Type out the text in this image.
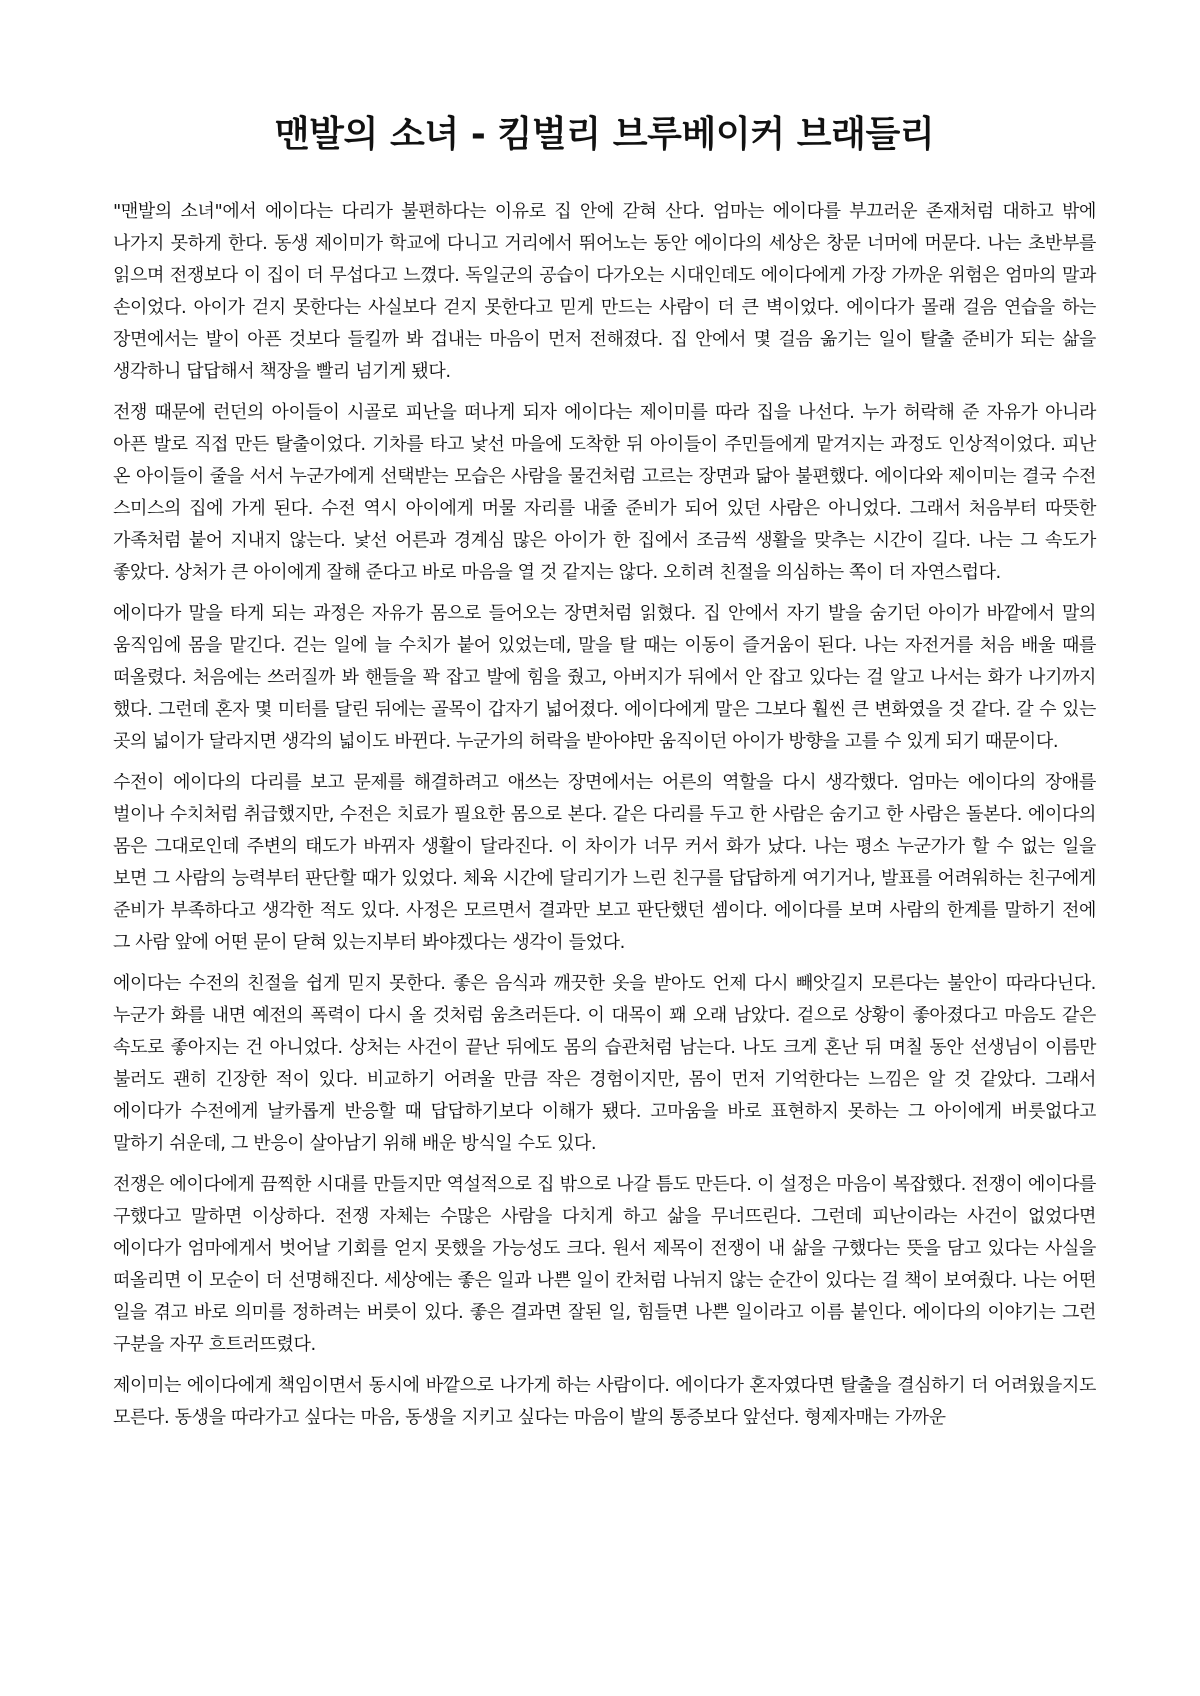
맨발의 소녀 - 킴벌리 브루베이커 브래들리

"맨발의 소녀"에서 에이다는 다리가 불편하다는 이유로 집 안에 갇혀 산다. 엄마는 에이다를 부끄러운 존재처럼 대하고 밖에 나가지 못하게 한다. 동생 제이미가 학교에 다니고 거리에서 뛰어노는 동안 에이다의 세상은 창문 너머에 머문다. 나는 초반부를 읽으며 전쟁보다 이 집이 더 무섭다고 느꼈다. 독일군의 공습이 다가오는 시대인데도 에이다에게 가장 가까운 위험은 엄마의 말과 손이었다. 아이가 걷지 못한다는 사실보다 걷지 못한다고 믿게 만드는 사람이 더 큰 벽이었다. 에이다가 몰래 걸음 연습을 하는 장면에서는 발이 아픈 것보다 들킬까 봐 겁내는 마음이 먼저 전해졌다. 집 안에서 몇 걸음 옮기는 일이 탈출 준비가 되는 삶을 생각하니 답답해서 책장을 빨리 넘기게 됐다.

전쟁 때문에 런던의 아이들이 시골로 피난을 떠나게 되자 에이다는 제이미를 따라 집을 나선다. 누가 허락해 준 자유가 아니라 아픈 발로 직접 만든 탈출이었다. 기차를 타고 낯선 마을에 도착한 뒤 아이들이 주민들에게 맡겨지는 과정도 인상적이었다. 피난 온 아이들이 줄을 서서 누군가에게 선택받는 모습은 사람을 물건처럼 고르는 장면과 닮아 불편했다. 에이다와 제이미는 결국 수전 스미스의 집에 가게 된다. 수전 역시 아이에게 머물 자리를 내줄 준비가 되어 있던 사람은 아니었다. 그래서 처음부터 따뜻한 가족처럼 붙어 지내지 않는다. 낯선 어른과 경계심 많은 아이가 한 집에서 조금씩 생활을 맞추는 시간이 길다. 나는 그 속도가 좋았다. 상처가 큰 아이에게 잘해 준다고 바로 마음을 열 것 같지는 않다. 오히려 친절을 의심하는 쪽이 더 자연스럽다.

에이다가 말을 타게 되는 과정은 자유가 몸으로 들어오는 장면처럼 읽혔다. 집 안에서 자기 발을 숨기던 아이가 바깥에서 말의 움직임에 몸을 맡긴다. 걷는 일에 늘 수치가 붙어 있었는데, 말을 탈 때는 이동이 즐거움이 된다. 나는 자전거를 처음 배울 때를 떠올렸다. 처음에는 쓰러질까 봐 핸들을 꽉 잡고 발에 힘을 줬고, 아버지가 뒤에서 안 잡고 있다는 걸 알고 나서는 화가 나기까지 했다. 그런데 혼자 몇 미터를 달린 뒤에는 골목이 갑자기 넓어졌다. 에이다에게 말은 그보다 훨씬 큰 변화였을 것 같다. 갈 수 있는 곳의 넓이가 달라지면 생각의 넓이도 바뀐다. 누군가의 허락을 받아야만 움직이던 아이가 방향을 고를 수 있게 되기 때문이다.

수전이 에이다의 다리를 보고 문제를 해결하려고 애쓰는 장면에서는 어른의 역할을 다시 생각했다. 엄마는 에이다의 장애를 벌이나 수치처럼 취급했지만, 수전은 치료가 필요한 몸으로 본다. 같은 다리를 두고 한 사람은 숨기고 한 사람은 돌본다. 에이다의 몸은 그대로인데 주변의 태도가 바뀌자 생활이 달라진다. 이 차이가 너무 커서 화가 났다. 나는 평소 누군가가 할 수 없는 일을 보면 그 사람의 능력부터 판단할 때가 있었다. 체육 시간에 달리기가 느린 친구를 답답하게 여기거나, 발표를 어려워하는 친구에게 준비가 부족하다고 생각한 적도 있다. 사정은 모르면서 결과만 보고 판단했던 셈이다. 에이다를 보며 사람의 한계를 말하기 전에 그 사람 앞에 어떤 문이 닫혀 있는지부터 봐야겠다는 생각이 들었다.

에이다는 수전의 친절을 쉽게 믿지 못한다. 좋은 음식과 깨끗한 옷을 받아도 언제 다시 빼앗길지 모른다는 불안이 따라다닌다. 누군가 화를 내면 예전의 폭력이 다시 올 것처럼 움츠러든다. 이 대목이 꽤 오래 남았다. 겉으로 상황이 좋아졌다고 마음도 같은 속도로 좋아지는 건 아니었다. 상처는 사건이 끝난 뒤에도 몸의 습관처럼 남는다. 나도 크게 혼난 뒤 며칠 동안 선생님이 이름만 불러도 괜히 긴장한 적이 있다. 비교하기 어려울 만큼 작은 경험이지만, 몸이 먼저 기억한다는 느낌은 알 것 같았다. 그래서 에이다가 수전에게 날카롭게 반응할 때 답답하기보다 이해가 됐다. 고마움을 바로 표현하지 못하는 그 아이에게 버릇없다고 말하기 쉬운데, 그 반응이 살아남기 위해 배운 방식일 수도 있다.

전쟁은 에이다에게 끔찍한 시대를 만들지만 역설적으로 집 밖으로 나갈 틈도 만든다. 이 설정은 마음이 복잡했다. 전쟁이 에이다를 구했다고 말하면 이상하다. 전쟁 자체는 수많은 사람을 다치게 하고 삶을 무너뜨린다. 그런데 피난이라는 사건이 없었다면 에이다가 엄마에게서 벗어날 기회를 얻지 못했을 가능성도 크다. 원서 제목이 전쟁이 내 삶을 구했다는 뜻을 담고 있다는 사실을 떠올리면 이 모순이 더 선명해진다. 세상에는 좋은 일과 나쁜 일이 칸처럼 나뉘지 않는 순간이 있다는 걸 책이 보여줬다. 나는 어떤 일을 겪고 바로 의미를 정하려는 버릇이 있다. 좋은 결과면 잘된 일, 힘들면 나쁜 일이라고 이름 붙인다. 에이다의 이야기는 그런 구분을 자꾸 흐트러뜨렸다.

제이미는 에이다에게 책임이면서 동시에 바깥으로 나가게 하는 사람이다. 에이다가 혼자였다면 탈출을 결심하기 더 어려웠을지도 모른다. 동생을 따라가고 싶다는 마음, 동생을 지키고 싶다는 마음이 발의 통증보다 앞선다. 형제자매는 가까운
